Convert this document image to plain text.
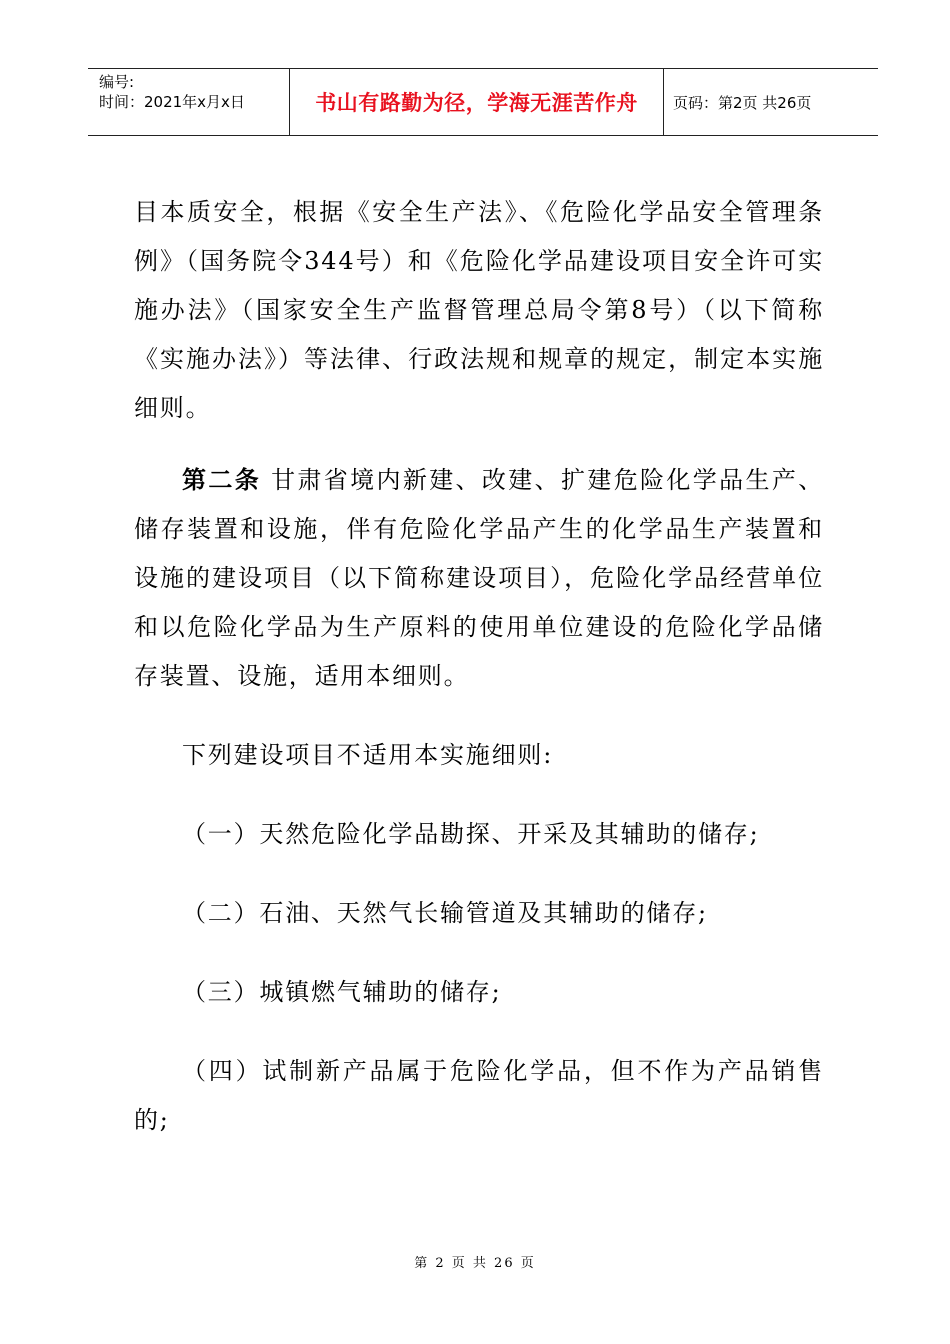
编号:
时间：2021年x月x日	书山有路勤为径，学海无涯苦作舟 页码：第2页 共26页

目本质安全，根据《安全生产法》、《危险化学品安全管理条例》（国务院令344号）和《危险化学品建设项目安全许可实施办法》（国家安全生产监督管理总局令第8号）（以下简称《实施办法》）等法律、行政法规和规章的规定，制定本实施细则。

第二条 甘肃省境内新建、改建、扩建危险化学品生产、储存装置和设施，伴有危险化学品产生的化学品生产装置和设施的建设项目（以下简称建设项目），危险化学品经营单位和以危险化学品为生产原料的使用单位建设的危险化学品储存装置、设施，适用本细则。

下列建设项目不适用本实施细则:

（一）天然危险化学品勘探、开采及其辅助的储存;

（二）石油、天然气长输管道及其辅助的储存;

（三）城镇燃气辅助的储存;

（四）试制新产品属于危险化学品，但不作为产品销售的;

第 2 页 共 26 页
